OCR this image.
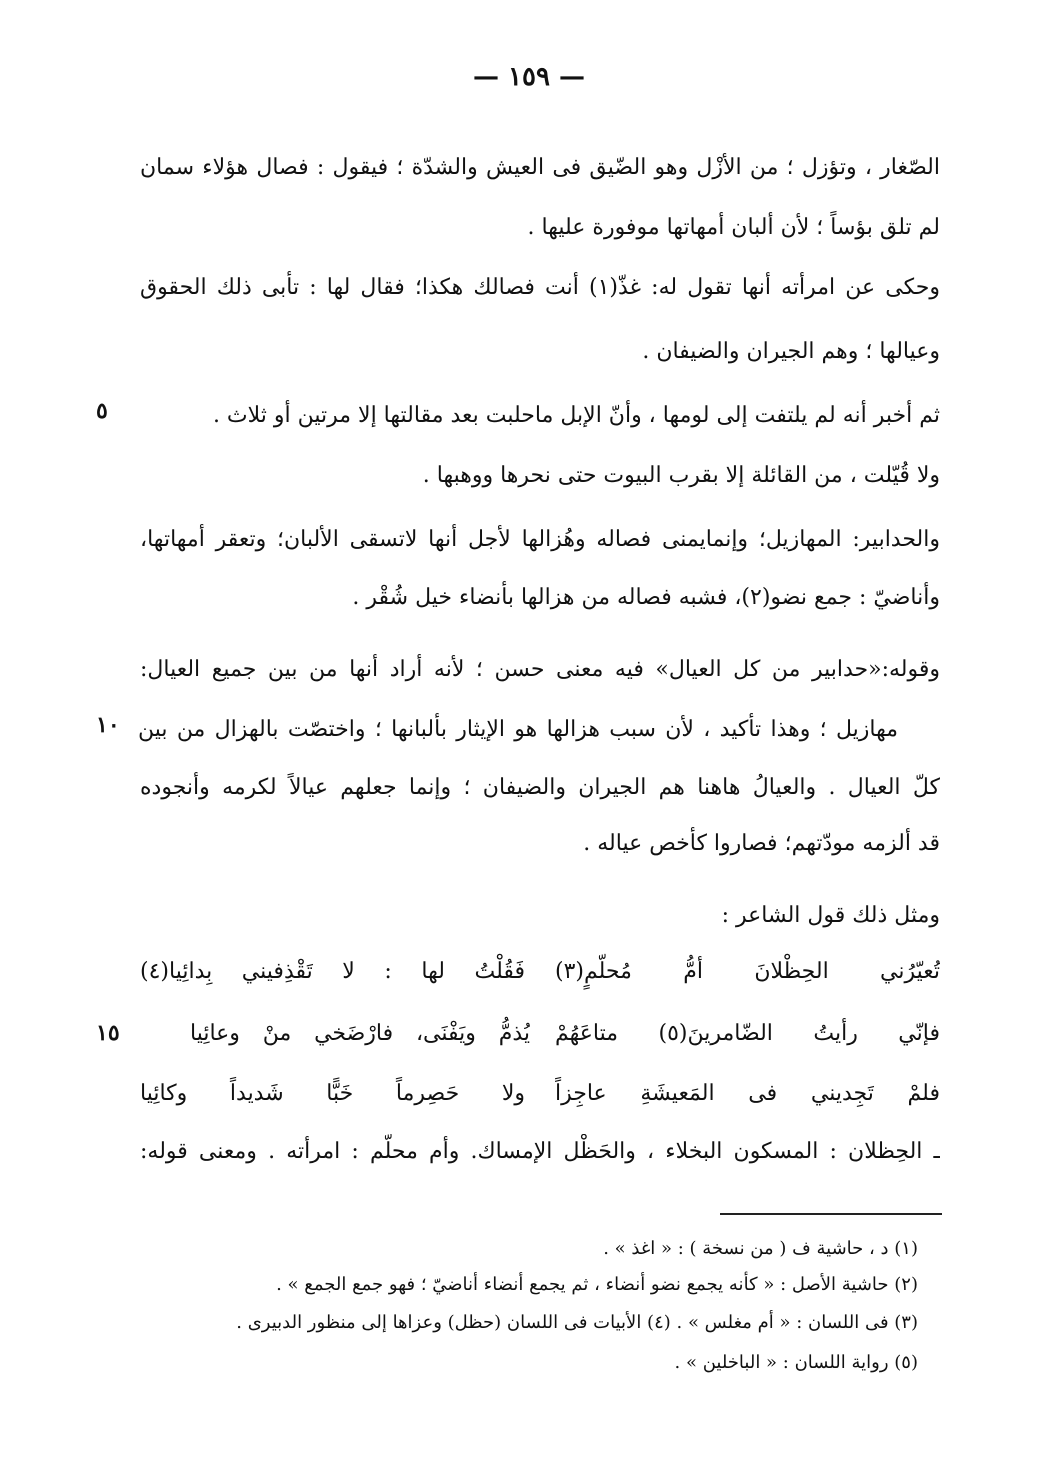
— ١٥٩ —
الصّغار ، وتؤزل ؛ من الأزْل وهو الضّيق فى العيش والشدّة ؛ فيقول : فصال هؤلاء سمان
لم تلق بؤساً ؛ لأن ألبان أمهاتها موفورة عليها .
وحكى عن امرأته أنها تقول له: غذّ(١) أنت فصالك هكذا؛ فقال لها : تأبى ذلك الحقوق
وعيالها ؛ وهم الجيران والضيفان .
ثم أخبر أنه لم يلتفت إلى لومها ، وأنّ الإبل ماحلبت بعد مقالتها إلا مرتين أو ثلاث .
٥
ولا قُيّلت ، من القائلة إلا بقرب البيوت حتى نحرها ووهبها .
والحدابير: المهازيل؛ وإنمايمنى فصاله وهُزالها لأجل أنها لاتسقى الألبان؛ وتعقر أمهاتها،
وأناضيّ : جمع نضو(٢)، فشبه فصاله من هزالها بأنضاء خيل شُقْر .
وقوله:«حدابير من كل العيال» فيه معنى حسن ؛ لأنه أراد أنها من بين جميع العيال:
مهازيل ؛ وهذا تأكيد ، لأن سبب هزالها هو الإيثار بألبانها ؛ واختصّت بالهزال من بين
١٠
كلّ العيال . والعيالُ هاهنا هم الجيران والضيفان ؛ وإنما جعلهم عيالاً لكرمه وأنجوده
قد ألزمه مودّتهم؛ فصاروا كأخص عياله .
ومثل ذلك قول الشاعر :
تُعيّرُني الحِظْلانَ أمُّ مُحلّمٍ(٣)
فَقُلْتُ لها : لا تَقْذِفيني بِدائِيا(٤)
فإنّي رأيتُ الضّامرينَ(٥) متاعَهُمْ
يُذمُّ ويَفْنَى، فارْضَخي منْ وعائِيا
١٥
فلمْ تَجِديني فى المَعيشَةِ عاجِزاً
ولا حَصِرماً خَبًّا شَديداً وكائِيا
ـ الحِظلان : المسكون البخلاء ، والحَظْل الإمساك. وأم محلّم : امرأته . ومعنى قوله:
(١) د ، حاشية ف ( من نسخة ) : « اغذ » .
(٢) حاشية الأصل : « كأنه يجمع نضو أنضاء ، ثم يجمع أنضاء أناضيّ ؛ فهو جمع الجمع » .
(٣) فى اللسان : « أم مغلس » . (٤) الأبيات فى اللسان (حظل) وعزاها إلى منظور الدبيرى .
(٥) رواية اللسان : « الباخلين » .
